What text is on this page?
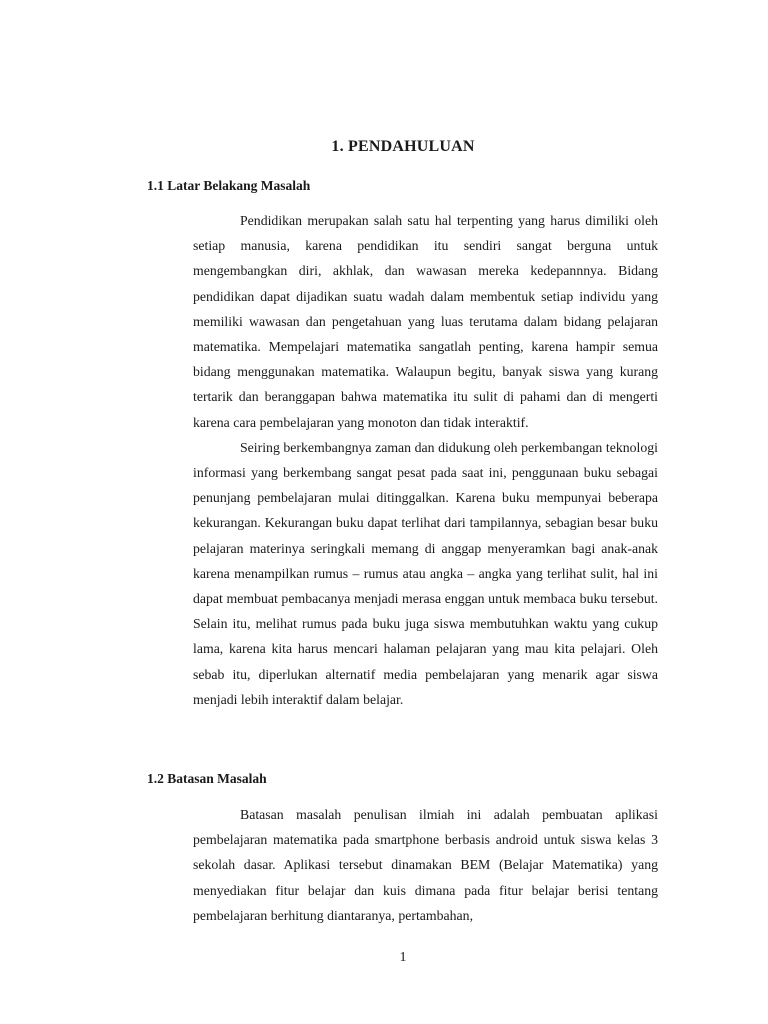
1. PENDAHULUAN
1.1 Latar Belakang Masalah

Pendidikan merupakan salah satu hal terpenting yang harus dimiliki oleh setiap manusia, karena pendidikan itu sendiri sangat berguna untuk mengembangkan diri, akhlak, dan wawasan mereka kedepannnya. Bidang pendidikan dapat dijadikan suatu wadah dalam membentuk setiap individu yang memiliki wawasan dan pengetahuan yang luas terutama dalam bidang pelajaran matematika. Mempelajari matematika sangatlah penting, karena hampir semua bidang menggunakan matematika. Walaupun begitu, banyak siswa yang kurang tertarik dan beranggapan bahwa matematika itu sulit di pahami dan di mengerti karena cara pembelajaran yang monoton dan tidak interaktif.

Seiring berkembangnya zaman dan didukung oleh perkembangan teknologi informasi yang berkembang sangat pesat pada saat ini, penggunaan buku sebagai penunjang pembelajaran mulai ditinggalkan. Karena buku mempunyai beberapa kekurangan. Kekurangan buku dapat terlihat dari tampilannya, sebagian besar buku pelajaran materinya seringkali memang di anggap menyeramkan bagi anak-anak karena menampilkan rumus – rumus atau angka – angka yang terlihat sulit, hal ini dapat membuat pembacanya menjadi merasa enggan untuk membaca buku tersebut. Selain itu, melihat rumus pada buku juga siswa membutuhkan waktu yang cukup lama, karena kita harus mencari halaman pelajaran yang mau kita pelajari. Oleh sebab itu, diperlukan alternatif media pembelajaran yang menarik agar siswa menjadi lebih interaktif dalam belajar.

1.2 Batasan Masalah

Batasan masalah penulisan ilmiah ini adalah pembuatan aplikasi pembelajaran matematika pada smartphone berbasis android untuk siswa kelas 3 sekolah dasar. Aplikasi tersebut dinamakan BEM (Belajar Matematika) yang menyediakan fitur belajar dan kuis dimana pada fitur belajar berisi tentang pembelajaran berhitung diantaranya, pertambahan,

1
